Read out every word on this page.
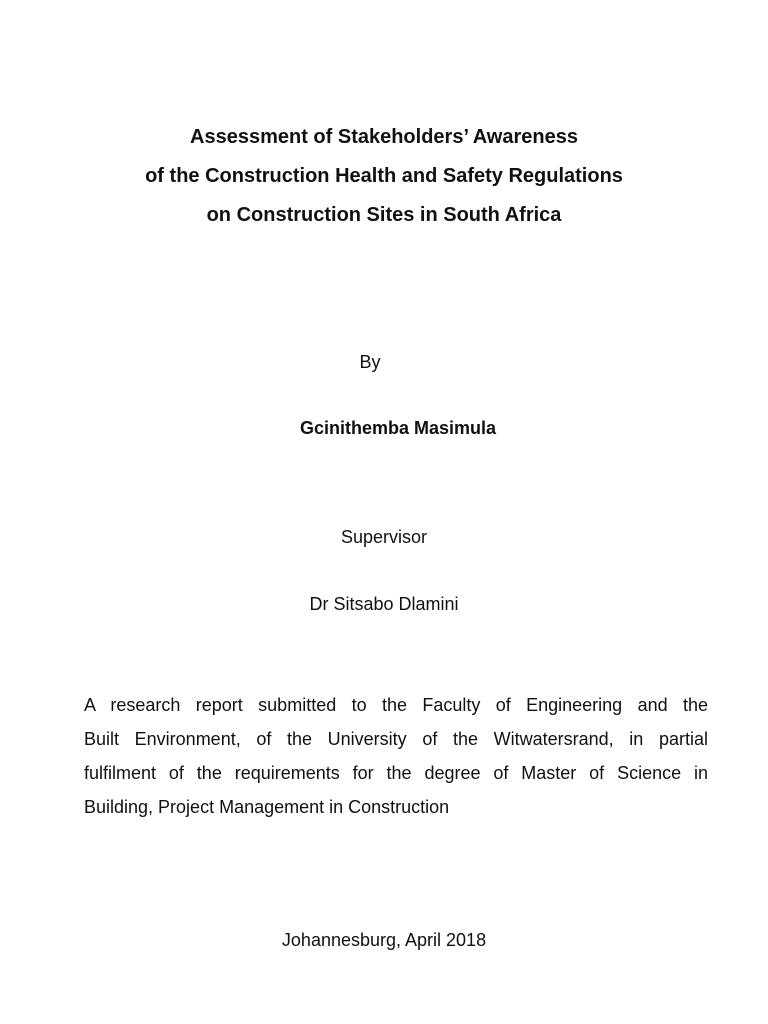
Assessment of Stakeholders’ Awareness
of the Construction Health and Safety Regulations
on Construction Sites in South Africa

By

Gcinithemba Masimula

Supervisor

Dr Sitsabo Dlamini

A research report submitted to the Faculty of Engineering and the
Built Environment, of the University of the Witwatersrand, in partial
fulfilment of the requirements for the degree of Master of Science in
Building, Project Management in Construction

Johannesburg, April 2018
